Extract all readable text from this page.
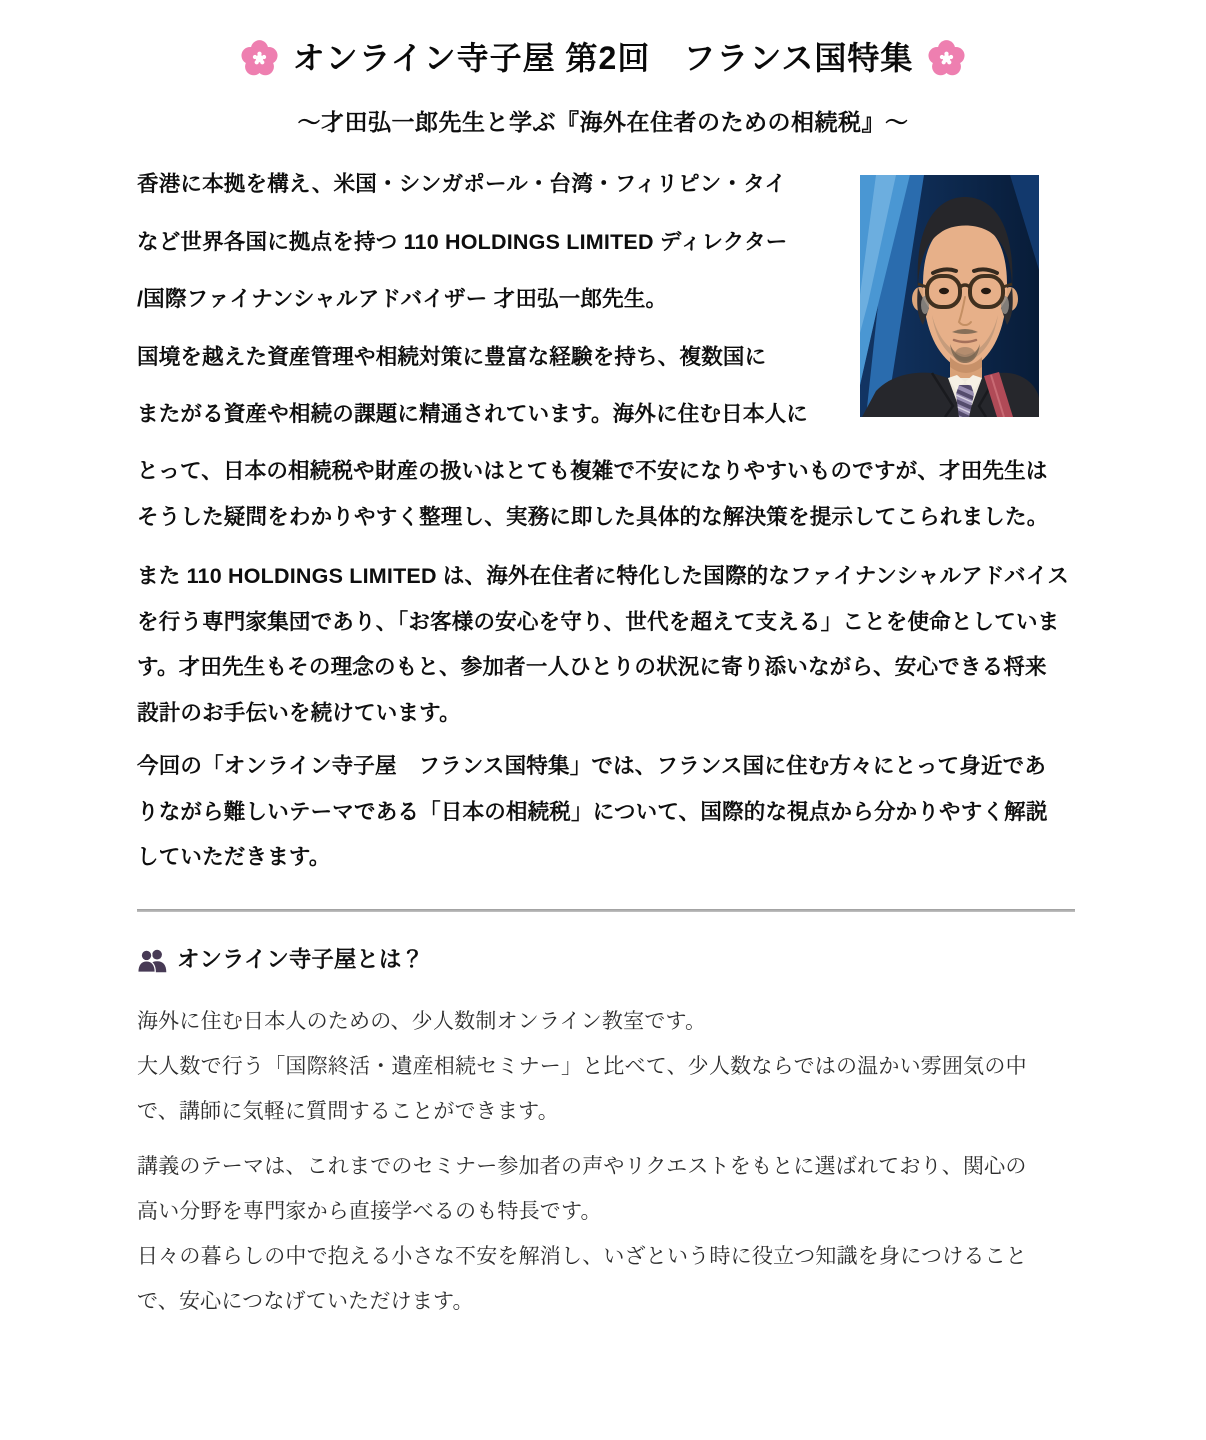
オンライン寺子屋 第2回　フランス国特集
～才田弘一郎先生と学ぶ『海外在住者のための相続税』～
香港に本拠を構え、米国・シンガポール・台湾・フィリピン・タイ
など世界各国に拠点を持つ 110 HOLDINGS LIMITED ディレクター
/国際ファイナンシャルアドバイザー 才田弘一郎先生。
国境を越えた資産管理や相続対策に豊富な経験を持ち、複数国に
またがる資産や相続の課題に精通されています。海外に住む日本人に
とって、日本の相続税や財産の扱いはとても複雑で不安になりやすいものですが、才田先生は
そうした疑問をわかりやすく整理し、実務に即した具体的な解決策を提示してこられました。
また 110 HOLDINGS LIMITED は、海外在住者に特化した国際的なファイナンシャルアドバイス
を行う専門家集団であり、「お客様の安心を守り、世代を超えて支える」ことを使命としていま
す。才田先生もその理念のもと、参加者一人ひとりの状況に寄り添いながら、安心できる将来
設計のお手伝いを続けています。
今回の「オンライン寺子屋　フランス国特集」では、フランス国に住む方々にとって身近であ
りながら難しいテーマである「日本の相続税」について、国際的な視点から分かりやすく解説
していただきます。
オンライン寺子屋とは？
海外に住む日本人のための、少人数制オンライン教室です。
大人数で行う「国際終活・遺産相続セミナー」と比べて、少人数ならではの温かい雰囲気の中
で、講師に気軽に質問することができます。
講義のテーマは、これまでのセミナー参加者の声やリクエストをもとに選ばれており、関心の
高い分野を専門家から直接学べるのも特長です。
日々の暮らしの中で抱える小さな不安を解消し、いざという時に役立つ知識を身につけること
で、安心につなげていただけます。
